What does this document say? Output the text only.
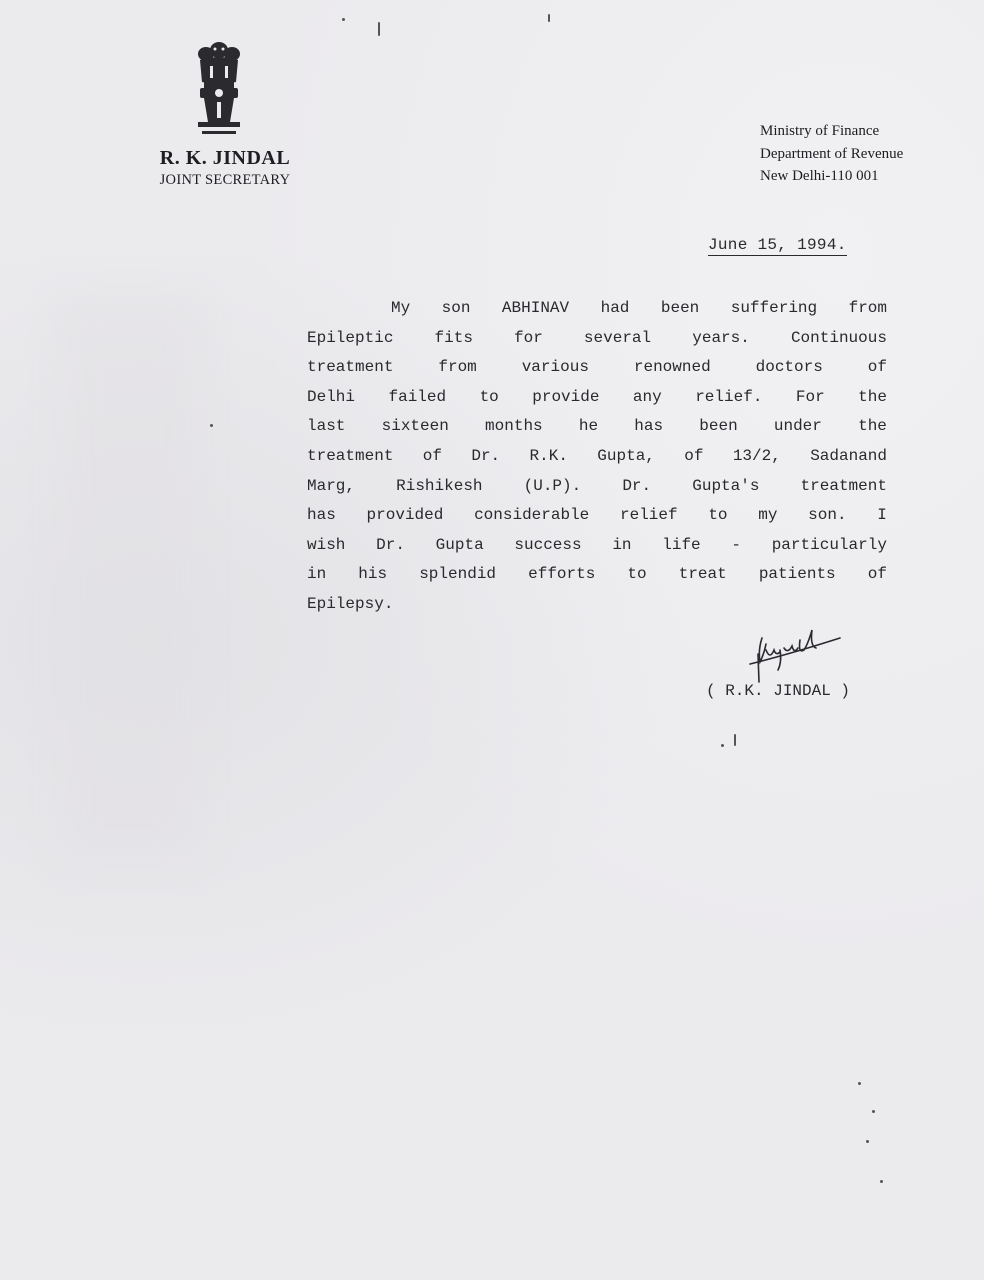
R. K. JINDAL
JOINT SECRETARY
Ministry of Finance
Department of Revenue
New Delhi-110 001
June 15, 1994.
My son ABHINAV had been suffering from
Epileptic	fits	for	several	years.	Continuous
treatment	from	various	renowned	doctors	of
Delhi failed to provide any relief. For the
last sixteen months he has been under the
treatment of Dr. R.K. Gupta, of 13/2, Sadanand
Marg,	Rishikesh	(U.P).	Dr.	Gupta's	treatment
has provided considerable relief to my son. I
wish Dr. Gupta success in life - particularly
in his splendid efforts to treat patients of
Epilepsy.
( R.K. JINDAL )
